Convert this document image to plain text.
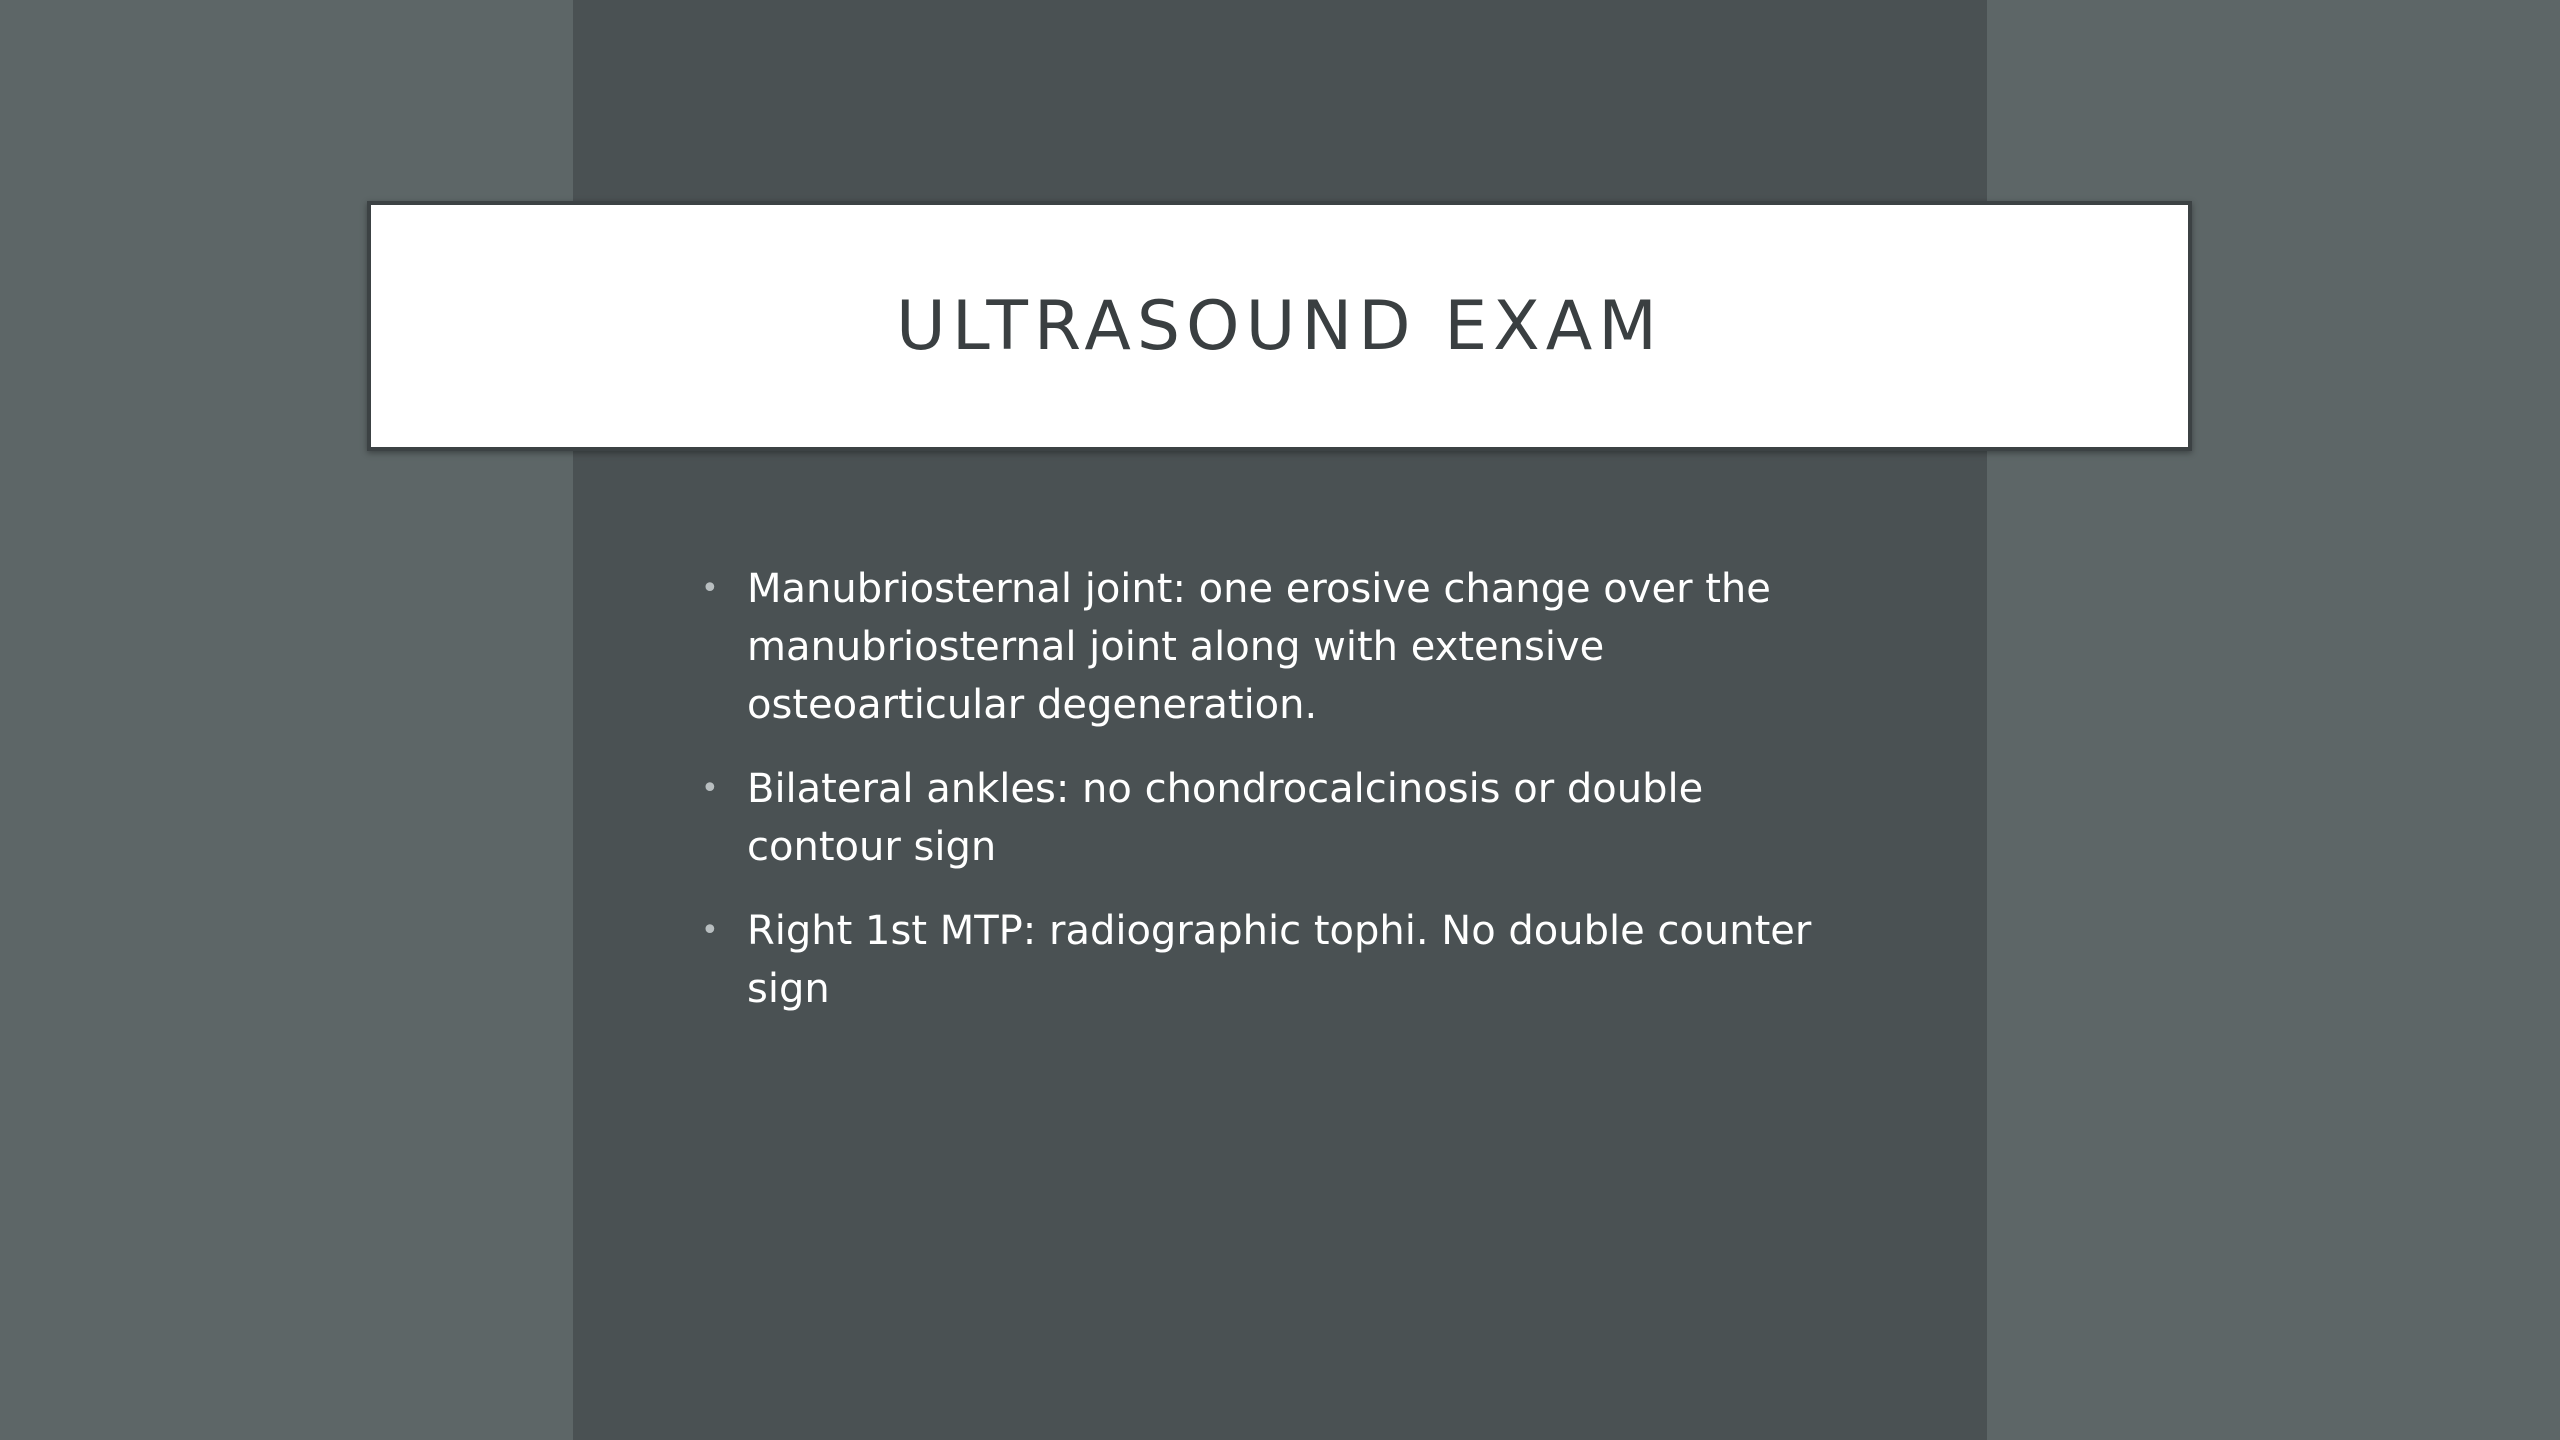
ULTRASOUND EXAM
• Manubriosternal joint: one erosive change over the manubriosternal joint along with extensive osteoarticular degeneration.
• Bilateral ankles: no chondrocalcinosis or double contour sign
• Right 1st MTP: radiographic tophi. No double counter sign
